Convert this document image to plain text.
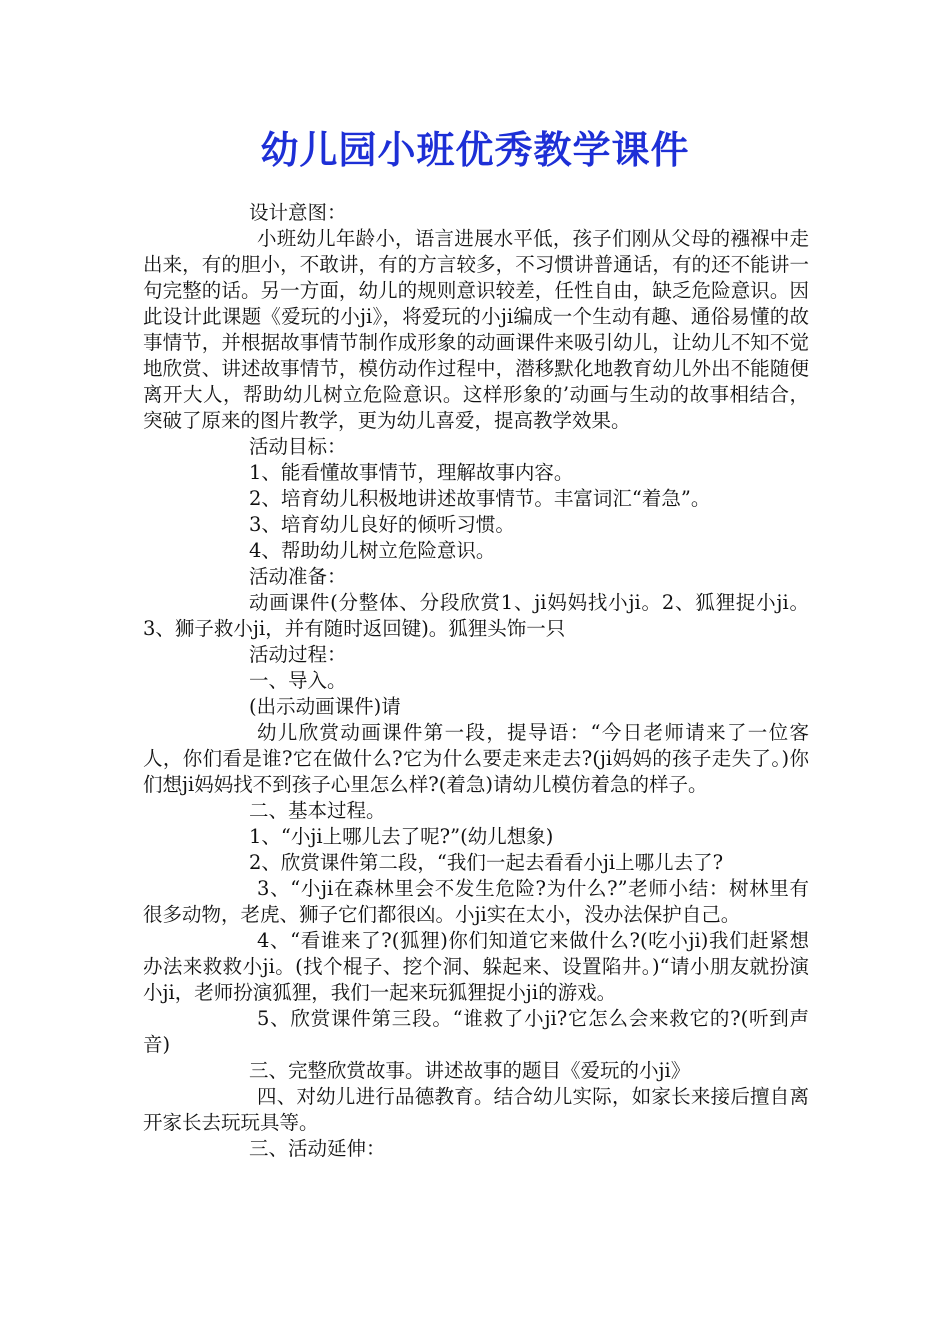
幼儿园小班优秀教学课件

设计意图：

小班幼儿年龄小，语言进展水平低，孩子们刚从父母的襁褓中走出来，有的胆小，不敢讲，有的方言较多，不习惯讲普通话，有的还不能讲一句完整的话。另一方面，幼儿的规则意识较差，任性自由，缺乏危险意识。因此设计此课题《爱玩的小ji》，将爱玩的小ji编成一个生动有趣、通俗易懂的故事情节，并根据故事情节制作成形象的动画课件来吸引幼儿，让幼儿不知不觉地欣赏、讲述故事情节，模仿动作过程中，潜移默化地教育幼儿外出不能随便离开大人，帮助幼儿树立危险意识。这样形象的’动画与生动的故事相结合，突破了原来的图片教学，更为幼儿喜爱，提高教学效果。

活动目标：

1、能看懂故事情节，理解故事内容。

2、培育幼儿积极地讲述故事情节。丰富词汇“着急”。

3、培育幼儿良好的倾听习惯。

4、帮助幼儿树立危险意识。

活动准备：

动画课件(分整体、分段欣赏1、ji妈妈找小ji。2、狐狸捉小ji。3、狮子救小ji，并有随时返回键)。狐狸头饰一只

活动过程：

一、导入。

(出示动画课件)请

幼儿欣赏动画课件第一段，提导语：“今日老师请来了一位客人，你们看是谁?它在做什么?它为什么要走来走去?(ji妈妈的孩子走失了。)你们想ji妈妈找不到孩子心里怎么样?(着急)请幼儿模仿着急的样子。

二、基本过程。

1、“小ji上哪儿去了呢?”(幼儿想象)

2、欣赏课件第二段，“我们一起去看看小ji上哪儿去了?

3、“小ji在森林里会不发生危险?为什么?”老师小结：树林里有很多动物，老虎、狮子它们都很凶。小ji实在太小，没办法保护自己。

4、“看谁来了?(狐狸)你们知道它来做什么?(吃小ji)我们赶紧想办法来救救小ji。(找个棍子、挖个洞、躲起来、设置陷井。)“请小朋友就扮演小ji，老师扮演狐狸，我们一起来玩狐狸捉小ji的游戏。

5、欣赏课件第三段。“谁救了小ji?它怎么会来救它的?(听到声音)

三、完整欣赏故事。讲述故事的题目《爱玩的小ji》

四、对幼儿进行品德教育。结合幼儿实际，如家长来接后擅自离开家长去玩玩具等。

三、活动延伸：
